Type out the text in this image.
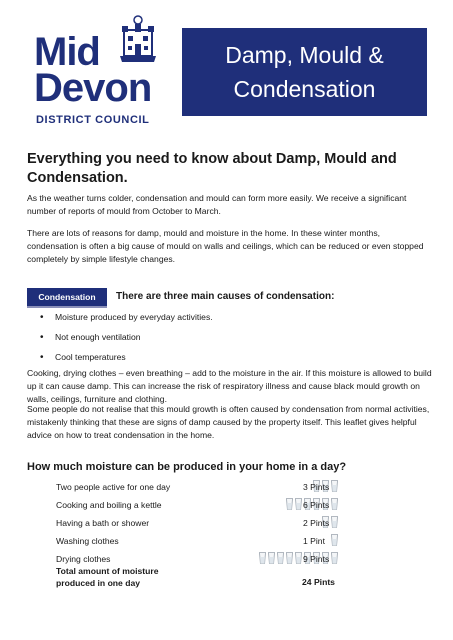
Mid
Devon
DISTRICT COUNCIL
Damp, Mould &
Condensation
Everything you need to know about Damp, Mould and Condensation.
As the weather turns colder, condensation and mould can form more easily. We receive a significant number of reports of mould from October to March.
There are lots of reasons for damp, mould and moisture in the home. In these winter months, condensation is often a big cause of mould on walls and ceilings, which can be reduced or even stopped completely by simple lifestyle changes.
Condensation	There are three main causes of condensation:
• Moisture produced by everyday activities.
• Not enough ventilation
• Cool temperatures
Cooking, drying clothes – even breathing – add to the moisture in the air. If this moisture is allowed to build up it can cause damp. This can increase the risk of respiratory illness and cause black mould growth on walls, ceilings, furniture and clothing.
Some people do not realise that this mould growth is often caused by condensation from normal activities, mistakenly thinking that these are signs of damp caused by the property itself. This leaflet gives helpful advice on how to treat condensation in the home.
How much moisture can be produced in your home in a day?
Two people active for one day	3 Pints
Cooking and boiling a kettle	6 Pints
Having a bath or shower	2 Pints
Washing clothes	1 Pint
Drying clothes	9 Pints
Total amount of moisture produced in one day	24 Pints
